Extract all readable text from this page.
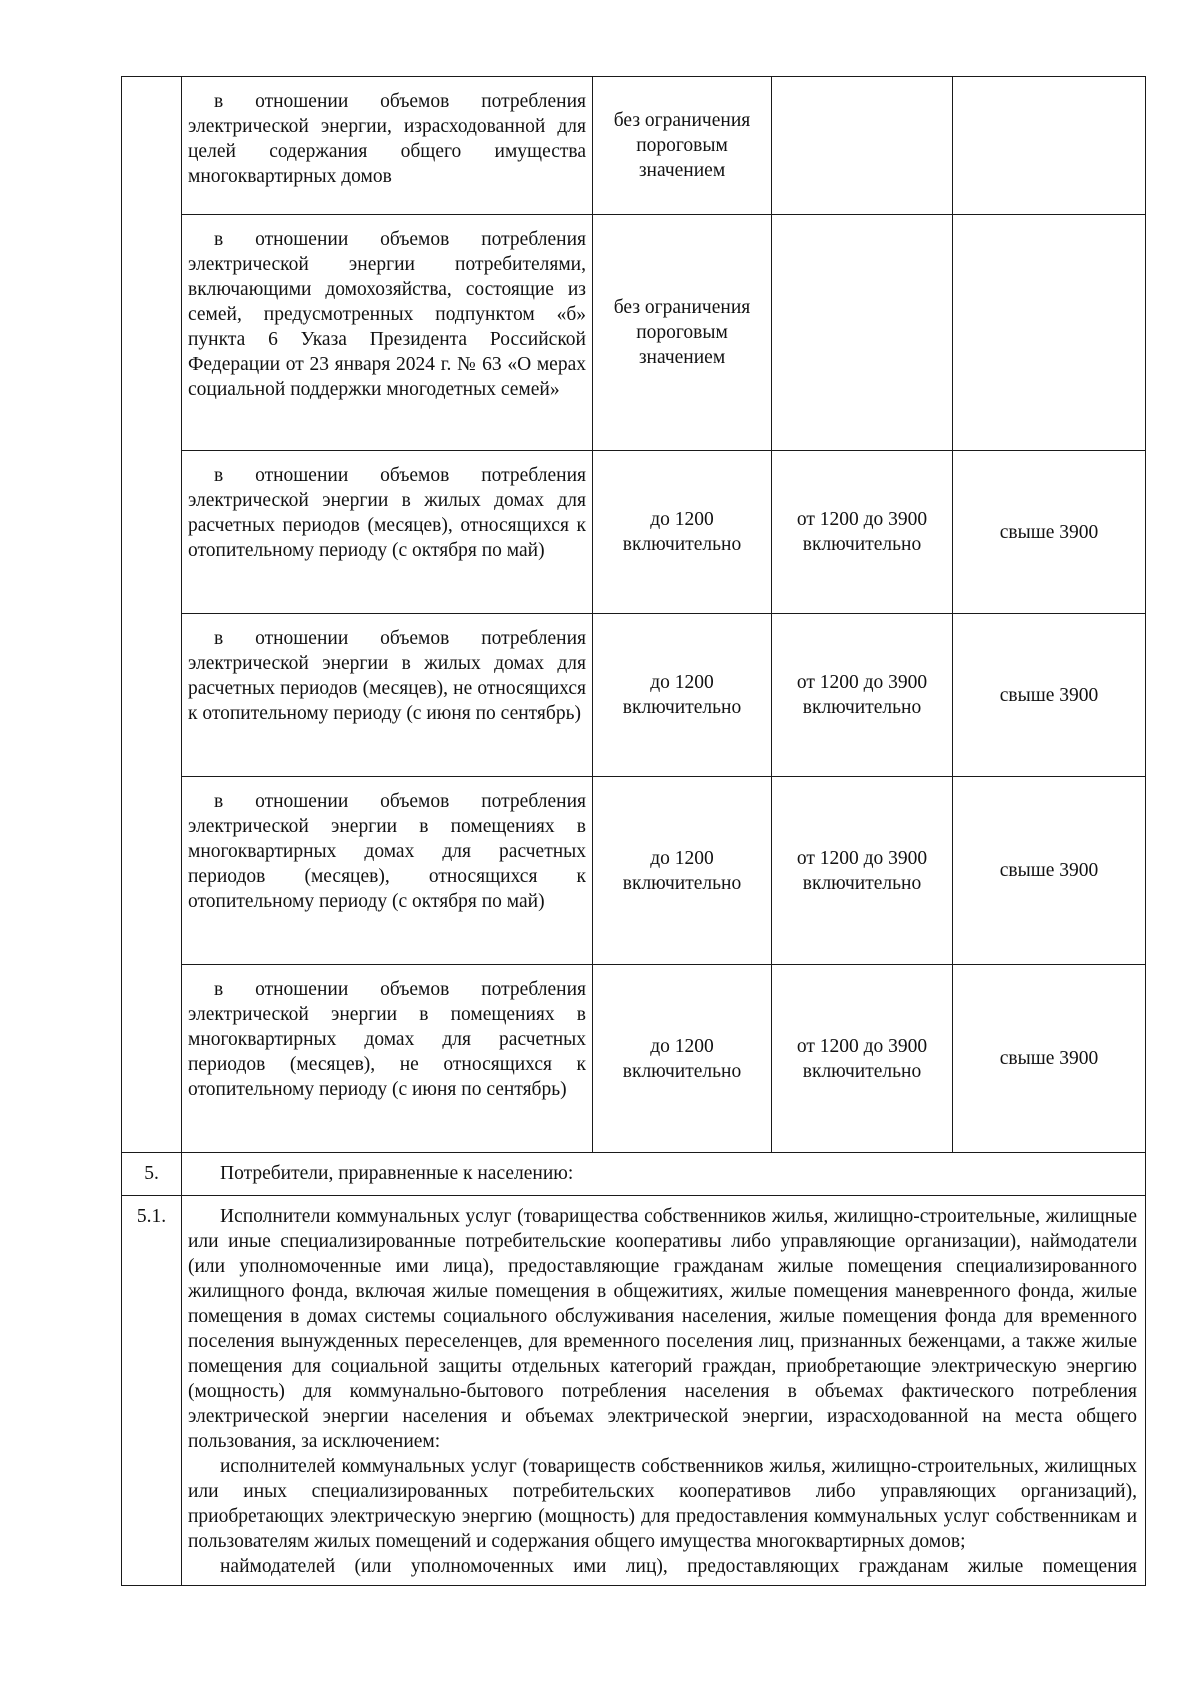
	в отношении объемов потребления электрической энергии, израсходованной для целей содержания общего имущества многоквартирных домов	без ограничения пороговым значением		

	в отношении объемов потребления электрической энергии потребителями, включающими домохозяйства, состоящие из семей, предусмотренных подпунктом «б» пункта 6 Указа Президента Российской Федерации от 23 января 2024 г. № 63 «О мерах социальной поддержки многодетных семей»	без ограничения пороговым значением		

	в отношении объемов потребления электрической энергии в жилых домах для расчетных периодов (месяцев), относящихся к отопительному периоду (с октября по май)	до 1200 включительно	от 1200 до 3900 включительно	свыше 3900

	в отношении объемов потребления электрической энергии в жилых домах для расчетных периодов (месяцев), не относящихся к отопительному периоду (с июня по сентябрь)	до 1200 включительно	от 1200 до 3900 включительно	свыше 3900

	в отношении объемов потребления электрической энергии в помещениях в многоквартирных домах для расчетных периодов (месяцев), относящихся к отопительному периоду (с октября по май)	до 1200 включительно	от 1200 до 3900 включительно	свыше 3900

	в отношении объемов потребления электрической энергии в помещениях в многоквартирных домах для расчетных периодов (месяцев), не относящихся к отопительному периоду (с июня по сентябрь)	до 1200 включительно	от 1200 до 3900 включительно	свыше 3900

5.	Потребители, приравненные к населению:			

5.1.	Исполнители коммунальных услуг (товарищества собственников жилья, жилищно-строительные, жилищные или иные специализированные потребительские кооперативы либо управляющие организации), наймодатели (или уполномоченные ими лица), предоставляющие гражданам жилые помещения специализированного жилищного фонда, включая жилые помещения в общежитиях, жилые помещения маневренного фонда, жилые помещения в домах системы социального обслуживания населения, жилые помещения фонда для временного поселения вынужденных переселенцев, для временного поселения лиц, признанных беженцами, а также жилые помещения для социальной защиты отдельных категорий граждан, приобретающие электрическую энергию (мощность) для коммунально-бытового потребления населения в объемах фактического потребления электрической энергии населения и объемах электрической энергии, израсходованной на места общего пользования, за исключением:

исполнителей коммунальных услуг (товариществ собственников жилья, жилищно-строительных, жилищных или иных специализированных потребительских кооперативов либо управляющих организаций), приобретающих электрическую энергию (мощность) для предоставления коммунальных услуг собственникам и пользователям жилых помещений и содержания общего имущества многоквартирных домов;

наймодателей (или уполномоченных ими лиц), предоставляющих гражданам жилые помещения			
